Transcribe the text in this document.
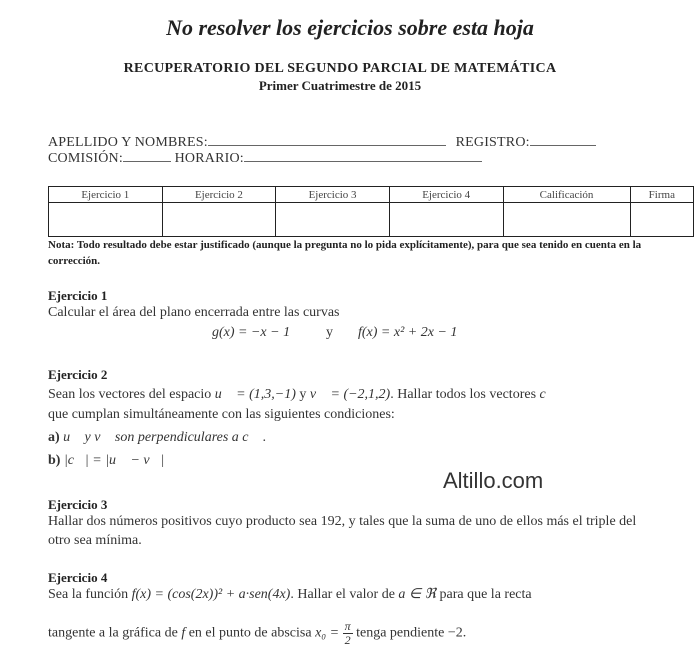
No resolver los ejercicios sobre esta hoja
RECUPERATORIO DEL SEGUNDO PARCIAL DE MATEMÁTICA
Primer Cuatrimestre de 2015
APELLIDO Y NOMBRES:	REGISTRO:
COMISIÓN:	HORARIO:
Ejercicio 1	Ejercicio 2	Ejercicio 3	Ejercicio 4	Calificación	Firma

Nota: Todo resultado debe estar justificado (aunque la pregunta no lo pida explícitamente), para que sea tenido en cuenta en la corrección.
Ejercicio 1
Calcular el área del plano encerrada entre las curvas
g(x) = −x − 1	y f(x) = x² + 2x − 1
Ejercicio 2
Sean los vectores del espacio u⃗ = (1,3,−1) y v⃗ = (−2,1,2). Hallar todos los vectores c⃗
que cumplan simultáneamente con las siguientes condiciones:
a) u⃗ y v⃗ son perpendiculares a c⃗ .
b) |c⃗| = |u⃗ − v⃗|
Altillo.com
Ejercicio 3
Hallar dos números positivos cuyo producto sea 192, y tales que la suma de uno de ellos más el triple del otro sea mínima.
Ejercicio 4
Sea la función f(x) = (cos(2x))² + a·sen(4x). Hallar el valor de a ∈ ℜ para que la recta
tangente a la gráfica de f en el punto de abscisa $x_0 = \frac{\pi}{2}$ tenga pendiente −2.
